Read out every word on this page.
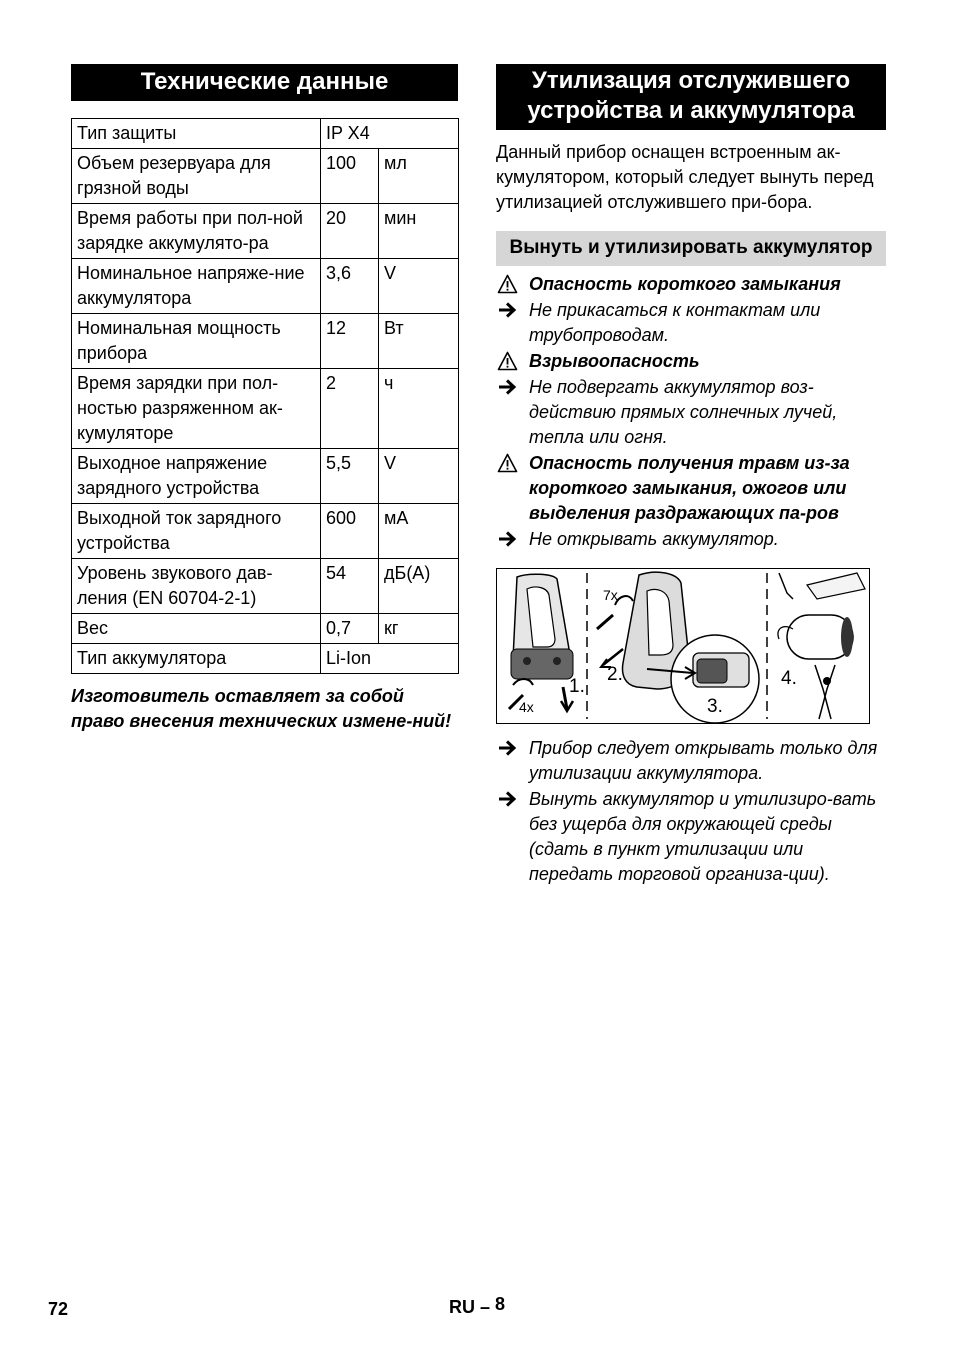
Технические данные
Тип защиты	IP X4	
Объем резервуара для грязной воды	100	мл
Время работы при пол-ной зарядке аккумулято-ра	20	мин
Номинальное напряже-ние аккумулятора	3,6	V
Номинальная мощность прибора	12	Вт
Время зарядки при пол-ностью разряженном ак-кумуляторе	2	ч
Выходное напряжение зарядного устройства	5,5	V
Выходной ток зарядного устройства	600	мА
Уровень звукового дав-ления (EN 60704-2-1)	54	дБ(А)
Вес	0,7	кг
Тип аккумулятора	Li-Ion	
Изготовитель оставляет за собой право внесения технических измене-ний!
Утилизация отслужившего устройства и аккумулятора
Данный прибор оснащен встроенным ак-кумулятором, который следует вынуть перед утилизацией отслужившего при-бора.
Вынуть и утилизировать аккумулятор
Опасность короткого замыкания
Не прикасаться к контактам или трубопроводам.
Взрывоопасность
Не подвергать аккумулятор воз-действию прямых солнечных лучей, тепла или огня.
Опасность получения травм из-за короткого замыкания, ожогов или выделения раздражающих па-ров
Не открывать аккумулятор.
4x
7x
1.
2.
3.
4.
Прибор следует открывать только для утилизации аккумулятора.
Вынуть аккумулятор и утилизиро-вать без ущерба для окружающей среды (сдать в пункт утилизации или передать торговой организа-ции).
72	RU – 8
